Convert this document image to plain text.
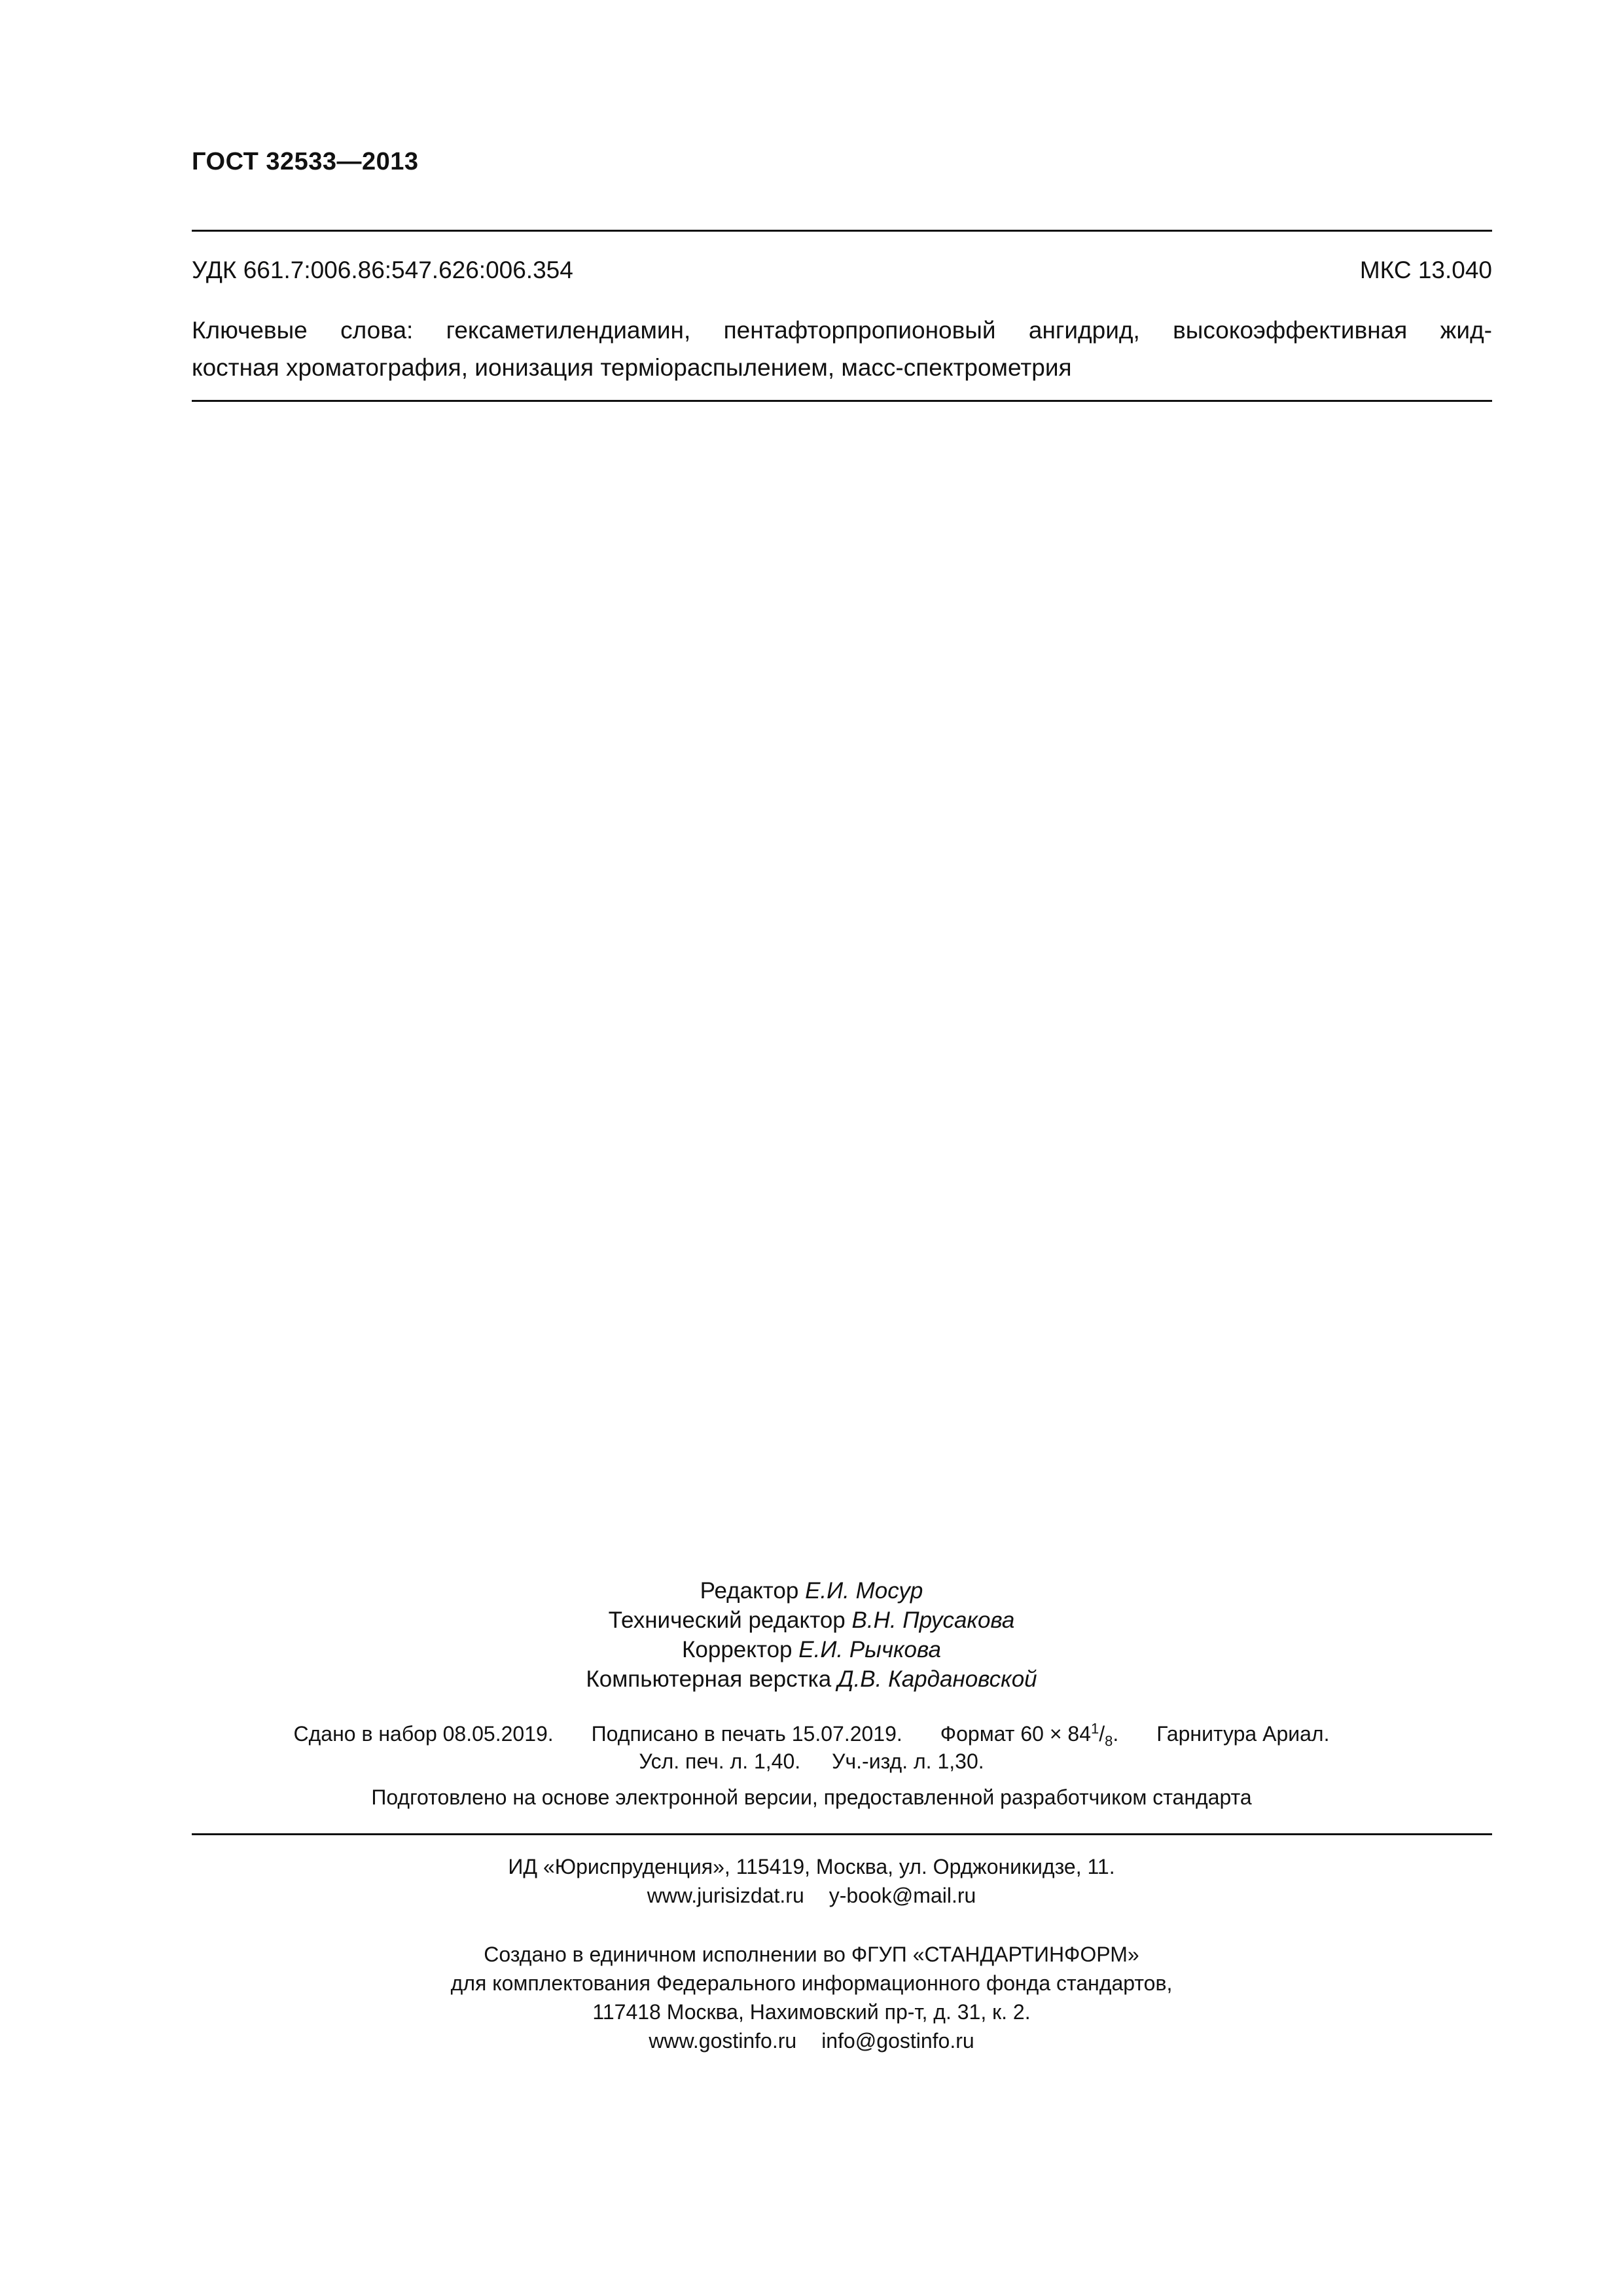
ГОСТ 32533—2013
УДК 661.7:006.86:547.626:006.354	МКС 13.040
Ключевые слова: гексаметилендиамин, пентафторпропионовый ангидрид, высокоэффективная жид-
костная хроматография, ионизация терміораспылением, масс-спектрометрия
Редактор Е.И. Мосур
Технический редактор В.Н. Прусакова
Корректор Е.И. Рычкова
Компьютерная верстка Д.В. Кардановской
Сдано в набор 08.05.2019. Подписано в печать 15.07.2019. Формат $60 \times 84^1/_8$. Гарнитура Ариал.
Усл. печ. л. 1,40. Уч.-изд. л. 1,30.
Подготовлено на основе электронной версии, предоставленной разработчиком стандарта
ИД «Юриспруденция», 115419, Москва, ул. Орджоникидзе, 11.
www.jurisizdat.ru y-book@mail.ru
Создано в единичном исполнении во ФГУП «СТАНДАРТИНФОРМ»
для комплектования Федерального информационного фонда стандартов,
117418 Москва, Нахимовский пр-т, д. 31, к. 2.
www.gostinfo.ru info@gostinfo.ru
